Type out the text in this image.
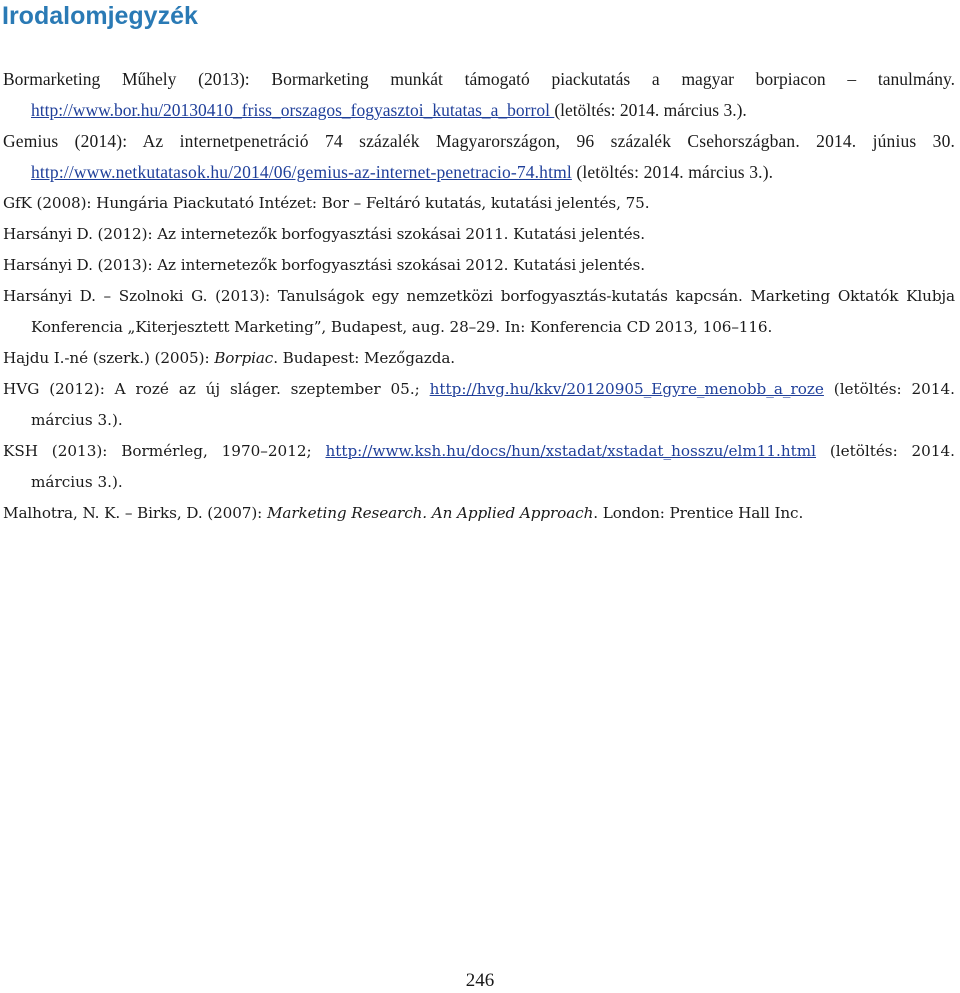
Irodalomjegyzék

Bormarketing Műhely (2013): Bormarketing munkát támogató piackutatás a magyar borpiacon – tanulmány. http://www.bor.hu/20130410_friss_orszagos_fogyasztoi_kutatas_a_borrol (letöltés: 2014. március 3.).

Gemius (2014): Az internetpenetráció 74 százalék Magyarországon, 96 százalék Csehországban. 2014. június 30. http://www.netkutatasok.hu/2014/06/gemius-az-internet-penetracio-74.html (letöltés: 2014. március 3.).

GfK (2008): Hungária Piackutató Intézet: Bor – Feltáró kutatás, kutatási jelentés, 75.

Harsányi D. (2012): Az internetezők borfogyasztási szokásai 2011. Kutatási jelentés.

Harsányi D. (2013): Az internetezők borfogyasztási szokásai 2012. Kutatási jelentés.

Harsányi D. – Szolnoki G. (2013): Tanulságok egy nemzetközi borfogyasztás-kutatás kapcsán. Marketing Oktatók Klubja Konferencia „Kiterjesztett Marketing”, Budapest, aug. 28–29. In: Konferencia CD 2013, 106–116.

Hajdu I.-né (szerk.) (2005): Borpiac. Budapest: Mezőgazda.

HVG (2012): A rozé az új sláger. szeptember 05.; http://hvg.hu/kkv/20120905_Egyre_menobb_a_roze (letöltés: 2014. március 3.).

KSH (2013): Bormérleg, 1970–2012; http://www.ksh.hu/docs/hun/xstadat/xstadat_hosszu/elm11.html (letöltés: 2014. március 3.).

Malhotra, N. K. – Birks, D. (2007): Marketing Research. An Applied Approach. London: Prentice Hall Inc.

246
